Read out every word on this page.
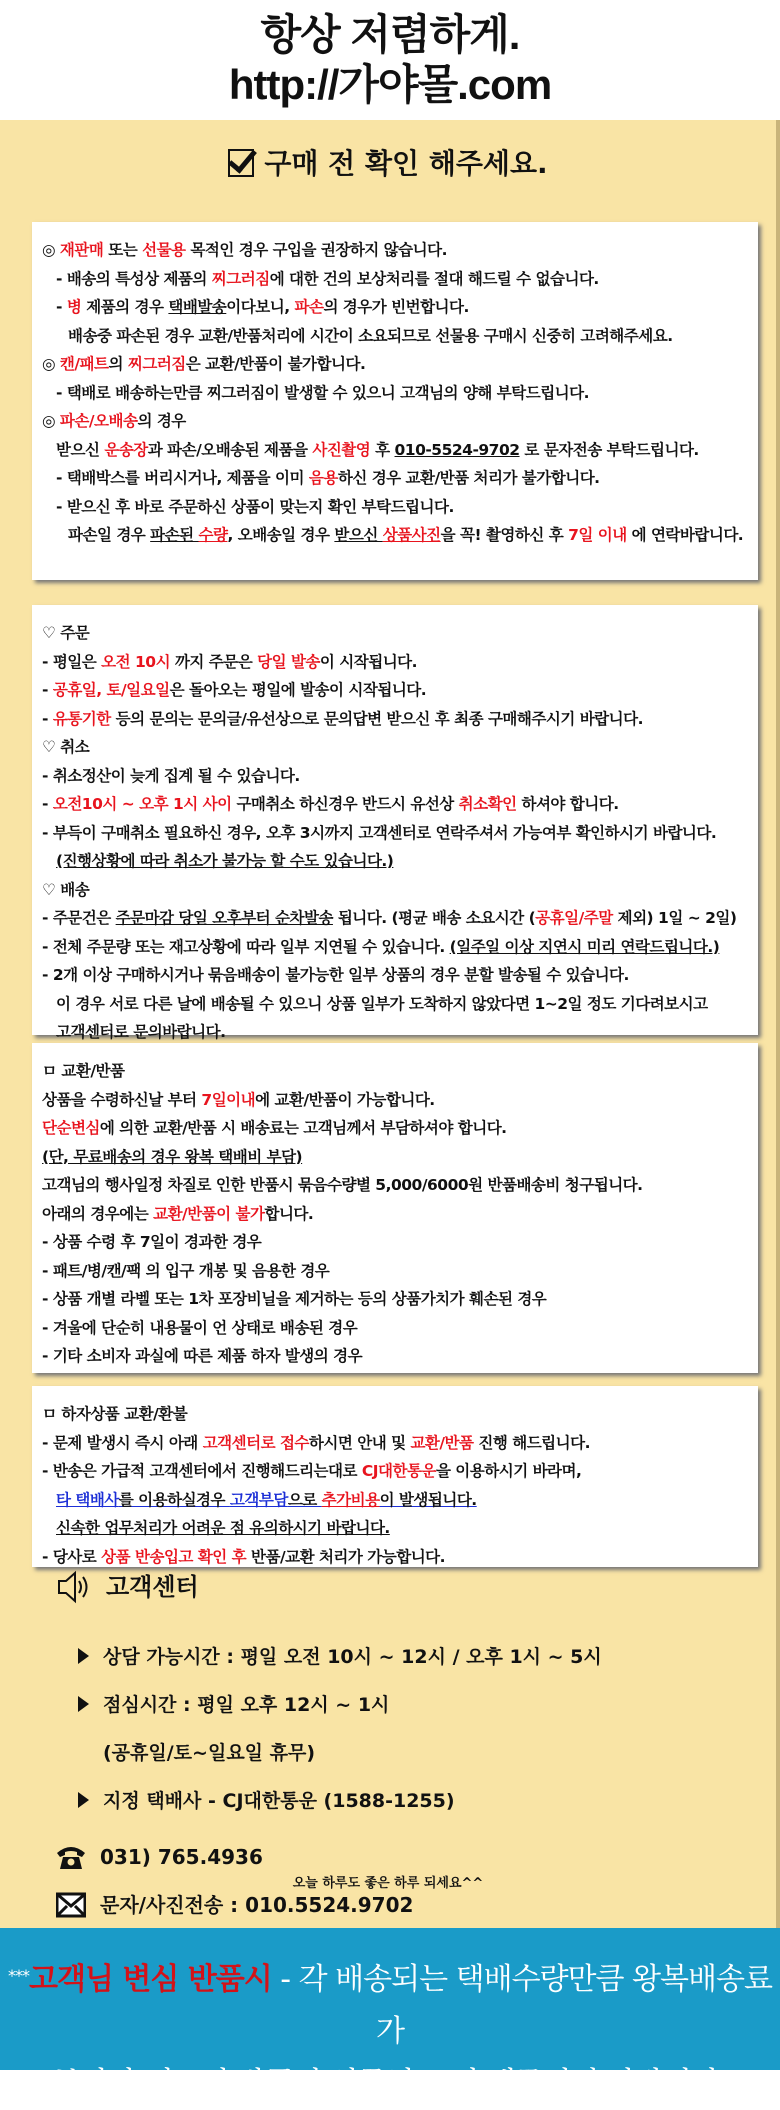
항상 저렴하게.
http://가야몰.com
구매 전 확인 해주세요.
◎ 재판매 또는 선물용 목적인 경우 구입을 권장하지 않습니다.
- 배송의 특성상 제품의 찌그러짐에 대한 건의 보상처리를 절대 해드릴 수 없습니다.
- 병 제품의 경우 택배발송이다보니, 파손의 경우가 빈번합니다.
배송중 파손된 경우 교환/반품처리에 시간이 소요되므로 선물용 구매시 신중히 고려해주세요.
◎ 캔/패트의 찌그러짐은 교환/반품이 불가합니다.
- 택배로 배송하는만큼 찌그러짐이 발생할 수 있으니 고객님의 양해 부탁드립니다.
◎ 파손/오배송의 경우
받으신 운송장과 파손/오배송된 제품을 사진촬영 후 010-5524-9702 로 문자전송 부탁드립니다.
- 택배박스를 버리시거나, 제품을 이미 음용하신 경우 교환/반품 처리가 불가합니다.
- 받으신 후 바로 주문하신 상품이 맞는지 확인 부탁드립니다.
파손일 경우 파손된 수량, 오배송일 경우 받으신 상품사진을 꼭! 촬영하신 후 7일 이내 에 연락바랍니다.
♡ 주문
- 평일은 오전 10시 까지 주문은 당일 발송이 시작됩니다.
- 공휴일, 토/일요일은 돌아오는 평일에 발송이 시작됩니다.
- 유통기한 등의 문의는 문의글/유선상으로 문의답변 받으신 후 최종 구매해주시기 바랍니다.
♡ 취소
- 취소정산이 늦게 집계 될 수 있습니다.
- 오전10시 ~ 오후 1시 사이 구매취소 하신경우 반드시 유선상 취소확인 하셔야 합니다.
- 부득이 구매취소 필요하신 경우, 오후 3시까지 고객센터로 연락주셔서 가능여부 확인하시기 바랍니다.
(진행상황에 따라 취소가 불가능 할 수도 있습니다.)
♡ 배송
- 주문건은 주문마감 당일 오후부터 순차발송 됩니다. (평균 배송 소요시간 (공휴일/주말 제외) 1일 ~ 2일)
- 전체 주문량 또는 재고상황에 따라 일부 지연될 수 있습니다. (일주일 이상 지연시 미리 연락드립니다.)
- 2개 이상 구매하시거나 묶음배송이 불가능한 일부 상품의 경우 분할 발송될 수 있습니다.
이 경우 서로 다른 날에 배송될 수 있으니 상품 일부가 도착하지 않았다면 1~2일 정도 기다려보시고
고객센터로 문의바랍니다.
ㅁ 교환/반품
상품을 수령하신날 부터 7일이내에 교환/반품이 가능합니다.
단순변심에 의한 교환/반품 시 배송료는 고객님께서 부담하셔야 합니다.
(단, 무료배송의 경우 왕복 택배비 부담)
고객님의 행사일정 차질로 인한 반품시 묶음수량별 5,000/6000원 반품배송비 청구됩니다.
아래의 경우에는 교환/반품이 불가합니다.
- 상품 수령 후 7일이 경과한 경우
- 패트/병/캔/팩 의 입구 개봉 및 음용한 경우
- 상품 개별 라벨 또는 1차 포장비닐을 제거하는 등의 상품가치가 훼손된 경우
- 겨울에 단순히 내용물이 언 상태로 배송된 경우
- 기타 소비자 과실에 따른 제품 하자 발생의 경우
ㅁ 하자상품 교환/환불
- 문제 발생시 즉시 아래 고객센터로 접수하시면 안내 및 교환/반품 진행 해드립니다.
- 반송은 가급적 고객센터에서 진행해드리는대로 CJ대한통운을 이용하시기 바라며,
타 택배사를 이용하실경우 고객부담으로 추가비용이 발생됩니다.
신속한 업무처리가 어려운 점 유의하시기 바랍니다.
- 당사로 상품 반송입고 확인 후 반품/교환 처리가 가능합니다.
고객센터
상담 가능시간 : 평일 오전 10시 ~ 12시 / 오후 1시 ~ 5시
점심시간 : 평일 오후 12시 ~ 1시
(공휴일/토~일요일 휴무)
지정 택배사 - CJ대한통운 (1588-1255)
031) 765.4936
문자/사진전송 : 010.5524.9702
오늘 하루도 좋은 하루 되세요^^
***고객님 변심 반품시 - 각 배송되는 택배수량만큼 왕복배송료가
부과가 되오니 반품시 신중히 고려 해주시기 바랍니다.
